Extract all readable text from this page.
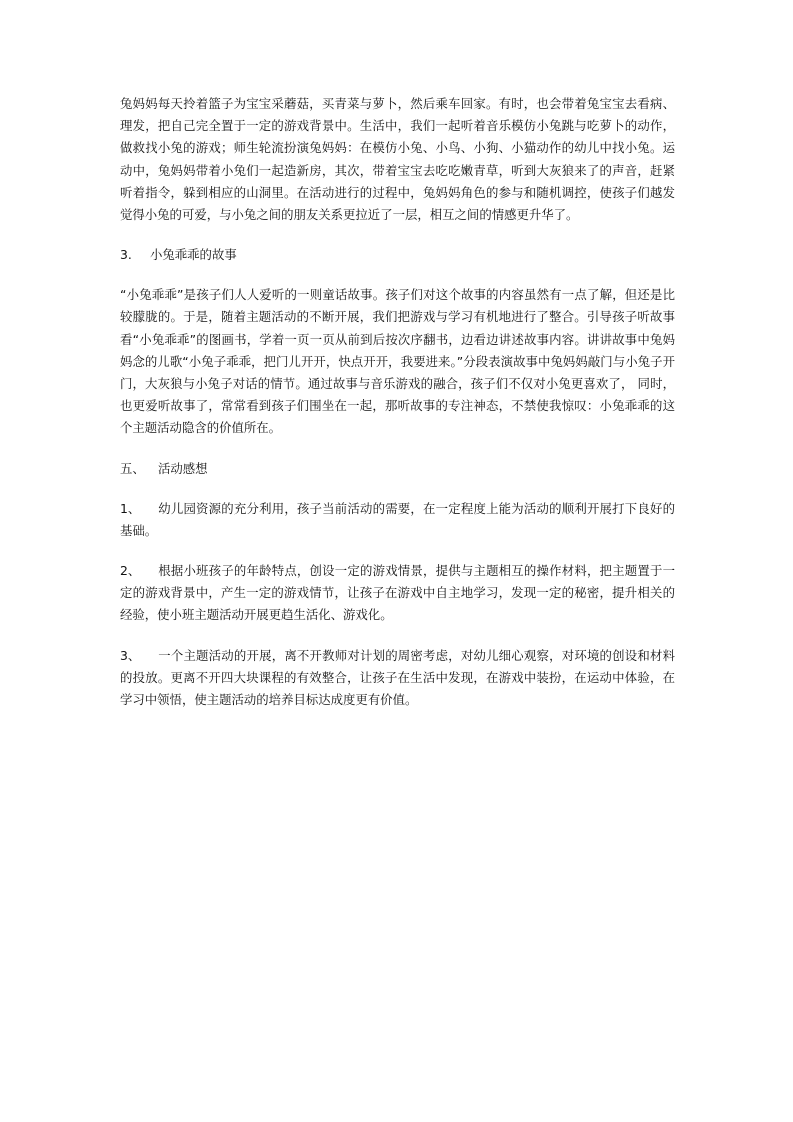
兔妈妈每天拎着篮子为宝宝采蘑菇，买青菜与萝卜，然后乘车回家。有时，也会带着兔宝宝去看病、理发，把自己完全置于一定的游戏背景中。生活中，我们一起听着音乐模仿小兔跳与吃萝卜的动作，做救找小兔的游戏；师生轮流扮演兔妈妈：在模仿小兔、小鸟、小狗、小猫动作的幼儿中找小兔。运动中，兔妈妈带着小兔们一起造新房，其次，带着宝宝去吃吃嫩青草，听到大灰狼来了的声音，赶紧听着指令，躲到相应的山洞里。在活动进行的过程中，兔妈妈角色的参与和随机调控，使孩子们越发觉得小兔的可爱，与小兔之间的朋友关系更拉近了一层，相互之间的情感更升华了。

3. 小兔乖乖的故事

“小兔乖乖”是孩子们人人爱听的一则童话故事。孩子们对这个故事的内容虽然有一点了解，但还是比较朦胧的。于是，随着主题活动的不断开展，我们把游戏与学习有机地进行了整合。引导孩子听故事看“小兔乖乖”的图画书，学着一页一页从前到后按次序翻书，边看边讲述故事内容。讲讲故事中兔妈妈念的儿歌“小兔子乖乖，把门儿开开，快点开开，我要进来。”分段表演故事中兔妈妈敲门与小兔子开门，大灰狼与小兔子对话的情节。通过故事与音乐游戏的融合，孩子们不仅对小兔更喜欢了， 同时，也更爱听故事了，常常看到孩子们围坐在一起，那听故事的专注神态，不禁使我惊叹：小兔乖乖的这个主题活动隐含的价值所在。

五、 活动感想

1、 幼儿园资源的充分利用，孩子当前活动的需要，在一定程度上能为活动的顺利开展打下良好的基础。

2、 根据小班孩子的年龄特点，创设一定的游戏情景，提供与主题相互的操作材料，把主题置于一定的游戏背景中，产生一定的游戏情节，让孩子在游戏中自主地学习，发现一定的秘密，提升相关的经验，使小班主题活动开展更趋生活化、游戏化。

3、 一个主题活动的开展，离不开教师对计划的周密考虑，对幼儿细心观察，对环境的创设和材料的投放。更离不开四大块课程的有效整合，让孩子在生活中发现，在游戏中装扮，在运动中体验，在学习中领悟，使主题活动的培养目标达成度更有价值。
